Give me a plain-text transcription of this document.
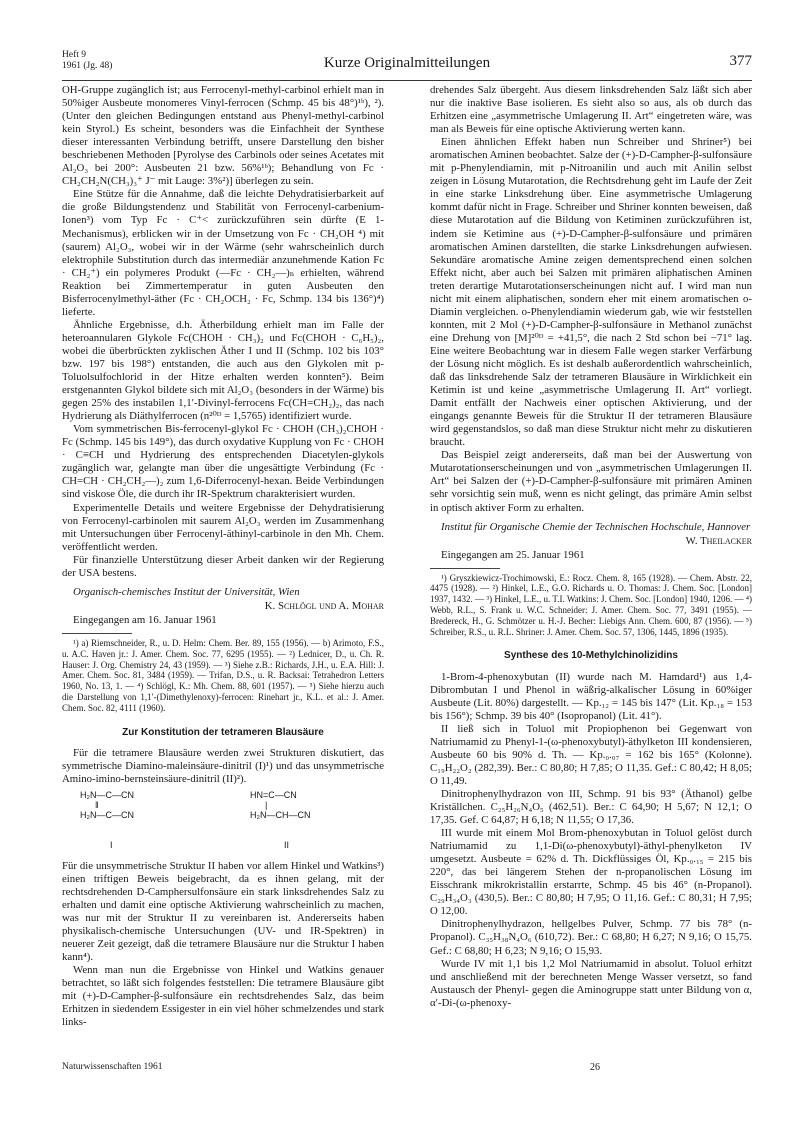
Heft 9
1961 (Jg. 48)	Kurze Originalmitteilungen	377

OH-Gruppe zugänglich ist; aus Ferrocenyl-methyl-carbinol erhielt man in 50%iger Ausbeute monomeres Vinyl-ferrocen (Schmp. 45 bis 48°)¹ᵇ), ²). (Unter den gleichen Bedingungen entstand aus Phenyl-methyl-carbinol kein Styrol.) Es scheint, besonders was die Einfachheit der Synthese dieser interessanten Verbindung betrifft, unsere Darstellung den bisher beschriebenen Methoden [Pyrolyse des Carbinols oder seines Acetates mit Al₂O₃ bei 200°: Ausbeuten 21 bzw. 56%¹ᵇ); Behandlung von Fc · CH₂CH₂N(CH₃)₃⁺ J⁻ mit Lauge: 3%²)] überlegen zu sein.

Eine Stütze für die Annahme, daß die leichte Dehydratisierbarkeit auf die große Bildungstendenz und Stabilität von Ferrocenyl-carbenium-Ionen³) vom Typ Fc · C⁺< zurückzuführen sein dürfte (E 1-Mechanismus), erblicken wir in der Umsetzung von Fc · CH₂OH ⁴) mit (saurem) Al₂O₃, wobei wir in der Wärme (sehr wahrscheinlich durch elektrophile Substitution durch das intermediär anzunehmende Kation Fc · CH₂⁺) ein polymeres Produkt (—Fc · CH₂—)ₙ erhielten, während Reaktion bei Zimmertemperatur in guten Ausbeuten den Bisferrocenylmethyl-äther (Fc · CH₂OCH₂ · Fc, Schmp. 134 bis 136°)⁴) lieferte.

Ähnliche Ergebnisse, d.h. Ätherbildung erhielt man im Falle der heteroannularen Glykole Fc(CHOH · CH₃)₂ und Fc(CHOH · C₆H₅)₂, wobei die überbrückten zyklischen Äther I und II (Schmp. 102 bis 103° bzw. 197 bis 198°) entstanden, die auch aus den Glykolen mit p-Toluolsulfochlorid in der Hitze erhalten werden konnten⁵). Beim erstgenannten Glykol bildete sich mit Al₂O₃ (besonders in der Wärme) bis gegen 25% des instabilen 1,1′-Divinyl-ferrocens Fc(CH=CH₂)₂, das nach Hydrierung als Diäthylferrocen (n²⁰ᴰ = 1,5765) identifiziert wurde.

Vom symmetrischen Bis-ferrocenyl-glykol Fc · CHOH (CH₃)₂CHOH · Fc (Schmp. 145 bis 149°), das durch oxydative Kupplung von Fc · CHOH · C≡CH und Hydrierung des entsprechenden Diacetylen-glykols zugänglich war, gelangte man über die ungesättigte Verbindung (Fc · CH=CH · CH₂CH₂—)₂ zum 1,6-Diferrocenyl-hexan. Beide Verbindungen sind viskose Öle, die durch ihr IR-Spektrum charakterisiert wurden.

Experimentelle Details und weitere Ergebnisse der Dehydratisierung von Ferrocenyl-carbinolen mit saurem Al₂O₃ werden im Zusammenhang mit Untersuchungen über Ferrocenyl-äthinyl-carbinole in den Mh. Chem. veröffentlicht werden.

Für finanzielle Unterstützung dieser Arbeit danken wir der Regierung der USA bestens.

Organisch-chemisches Institut der Universität, Wien

K. Schlögl und A. Mohar

Eingegangen am 16. Januar 1961

¹) a) Riemschneider, R., u. D. Helm: Chem. Ber. 89, 155 (1956). — b) Arimoto, F.S., u. A.C. Haven jr.: J. Amer. Chem. Soc. 77, 6295 (1955). — ²) Lednicer, D., u. Ch. R. Hauser: J. Org. Chemistry 24, 43 (1959). — ³) Siehe z.B.: Richards, J.H., u. E.A. Hill: J. Amer. Chem. Soc. 81, 3484 (1959). — Trifan, D.S., u. R. Backsai: Tetrahedron Letters 1960, No. 13, 1. — ⁴) Schlögl, K.: Mh. Chem. 88, 601 (1957). — ⁵) Siehe hierzu auch die Darstellung von 1,1′-(Dimethylenoxy)-ferrocen: Rinehart jr., K.L. et al.: J. Amer. Chem. Soc. 82, 4111 (1960).

Zur Konstitution der tetrameren Blausäure

Für die tetramere Blausäure werden zwei Strukturen diskutiert, das symmetrische Diamino-maleinsäure-dinitril (I)¹) und das unsymmetrische Amino-imino-bernsteinsäure-dinitril (II)²).

H₂N—C—CN
‖
H₂N—C—CN
HN=C—CN
|
H₂N—CH—CN
I	II

Für die unsymmetrische Struktur II haben vor allem Hinkel und Watkins³) einen triftigen Beweis beigebracht, da es ihnen gelang, mit der rechtsdrehenden D-Camphersulfonsäure ein stark linksdrehendes Salz zu erhalten und damit eine optische Aktivierung wahrscheinlich zu machen, was nur mit der Struktur II zu vereinbaren ist. Andererseits haben physikalisch-chemische Untersuchungen (UV- und IR-Spektren) in neuerer Zeit gezeigt, daß die tetramere Blausäure nur die Struktur I haben kann⁴).

Wenn man nun die Ergebnisse von Hinkel und Watkins genauer betrachtet, so läßt sich folgendes feststellen: Die tetramere Blausäure gibt mit (+)-D-Campher-β-sulfonsäure ein rechtsdrehendes Salz, das beim Erhitzen in siedendem Essigester in ein viel höher schmelzendes und stark links-

drehendes Salz übergeht. Aus diesem linksdrehenden Salz läßt sich aber nur die inaktive Base isolieren. Es sieht also so aus, als ob durch das Erhitzen eine „asymmetrische Umlagerung II. Art“ eingetreten wäre, was man als Beweis für eine optische Aktivierung werten kann.

Einen ähnlichen Effekt haben nun Schreiber und Shriner⁵) bei aromatischen Aminen beobachtet. Salze der (+)-D-Campher-β-sulfonsäure mit p-Phenylendiamin, mit p-Nitroanilin und auch mit Anilin selbst zeigen in Lösung Mutarotation, die Rechtsdrehung geht im Laufe der Zeit in eine starke Linksdrehung über. Eine asymmetrische Umlagerung kommt dafür nicht in Frage. Schreiber und Shriner konnten beweisen, daß diese Mutarotation auf die Bildung von Ketiminen zurückzuführen ist, indem sie Ketimine aus (+)-D-Campher-β-sulfonsäure und primären aromatischen Aminen darstellten, die starke Linksdrehungen aufwiesen. Sekundäre aromatische Amine zeigen dementsprechend einen solchen Effekt nicht, aber auch bei Salzen mit primären aliphatischen Aminen treten derartige Mutarotationserscheinungen nicht auf. I wird man nun nicht mit einem aliphatischen, sondern eher mit einem aromatischen o-Diamin vergleichen. o-Phenylendiamin wiederum gab, wie wir feststellen konnten, mit 2 Mol (+)-D-Campher-β-sulfonsäure in Methanol zunächst eine Drehung von [M]²⁰ᴰ = +41,5°, die nach 2 Std schon bei −71° lag. Eine weitere Beobachtung war in diesem Falle wegen starker Verfärbung der Lösung nicht möglich. Es ist deshalb außerordentlich wahrscheinlich, daß das linksdrehende Salz der tetrameren Blausäure in Wirklichkeit ein Ketimin ist und keine „asymmetrische Umlagerung II. Art“ vorliegt. Damit entfällt der Nachweis einer optischen Aktivierung, und der eingangs genannte Beweis für die Struktur II der tetrameren Blausäure wird gegenstandslos, so daß man diese Struktur nicht mehr zu diskutieren braucht.

Das Beispiel zeigt andererseits, daß man bei der Auswertung von Mutarotationserscheinungen und von „asymmetrischen Umlagerungen II. Art“ bei Salzen der (+)-D-Campher-β-sulfonsäure mit primären Aminen sehr vorsichtig sein muß, wenn es nicht gelingt, das primäre Amin selbst in optisch aktiver Form zu erhalten.

Institut für Organische Chemie der Technischen Hochschule, Hannover

W. Theilacker

Eingegangen am 25. Januar 1961

¹) Gryszkiewicz-Trochimowski, E.: Rocz. Chem. 8, 165 (1928). — Chem. Abstr. 22, 4475 (1928). — ²) Hinkel, L.E., G.O. Richards u. O. Thomas: J. Chem. Soc. [London] 1937, 1432. — ³) Hinkel, L.E., u. T.I. Watkins: J. Chem. Soc. [London] 1940, 1206. — ⁴) Webb, R.L., S. Frank u. W.C. Schneider: J. Amer. Chem. Soc. 77, 3491 (1955). — Bredereck, H., G. Schmötzer u. H.-J. Becher: Liebigs Ann. Chem. 600, 87 (1956). — ⁵) Schreiber, R.S., u. R.L. Shriner: J. Amer. Chem. Soc. 57, 1306, 1445, 1896 (1935).

Synthese des 10-Methylchinolizidins

1-Brom-4-phenoxybutan (II) wurde nach M. Hamdard¹) aus 1,4-Dibrombutan I und Phenol in wäßrig-alkalischer Lösung in 60%iger Ausbeute (Lit. 80%) dargestellt. — Kp.₁₂ = 145 bis 147° (Lit. Kp.₁₈ = 153 bis 156°); Schmp. 39 bis 40° (Isopropanol) (Lit. 41°).

II ließ sich in Toluol mit Propiophenon bei Gegenwart von Natriumamid zu Phenyl-1-(ω-phenoxybutyl)-äthylketon III kondensieren, Ausbeute 60 bis 90% d. Th. — Kp.₀.₀₇ = 162 bis 165° (Kolonne). C₁₉H₂₂O₂ (282,39). Ber.: C 80,80; H 7,85; O 11,35. Gef.: C 80,42; H 8,05; O 11,49.

Dinitrophenylhydrazon von III, Schmp. 91 bis 93° (Äthanol) gelbe Kriställchen. C₂₅H₂₆N₄O₅ (462,51). Ber.: C 64,90; H 5,67; N 12,1; O 17,35. Gef. C 64,87; H 6,18; N 11,55; O 17,36.

III wurde mit einem Mol Brom-phenoxybutan in Toluol gelöst durch Natriumamid zu 1,1-Di(ω-phenoxybutyl)-äthyl-phenylketon IV umgesetzt. Ausbeute = 62% d. Th. Dickflüssiges Öl, Kp.₀.₁₅ = 215 bis 220°, das bei längerem Stehen der n-propanolischen Lösung im Eisschrank mikrokristallin erstarrte, Schmp. 45 bis 46° (n-Propanol). C₂₉H₃₄O₃ (430,5). Ber.: C 80,80; H 7,95; O 11,16. Gef.: C 80,31; H 7,95; O 12,00.

Dinitrophenylhydrazon, hellgelbes Pulver, Schmp. 77 bis 78° (n-Propanol). C₃₅H₃₈N₄O₆ (610,72). Ber.: C 68,80; H 6,27; N 9,16; O 15,75. Gef.: C 68,80; H 6,23; N 9,16; O 15,93.

Wurde IV mit 1,1 bis 1,2 Mol Natriumamid in absolut. Toluol erhitzt und anschließend mit der berechneten Menge Wasser versetzt, so fand Austausch der Phenyl- gegen die Aminogruppe statt unter Bildung von α, α′-Di-(ω-phenoxy-

Naturwissenschaften 1961	26
